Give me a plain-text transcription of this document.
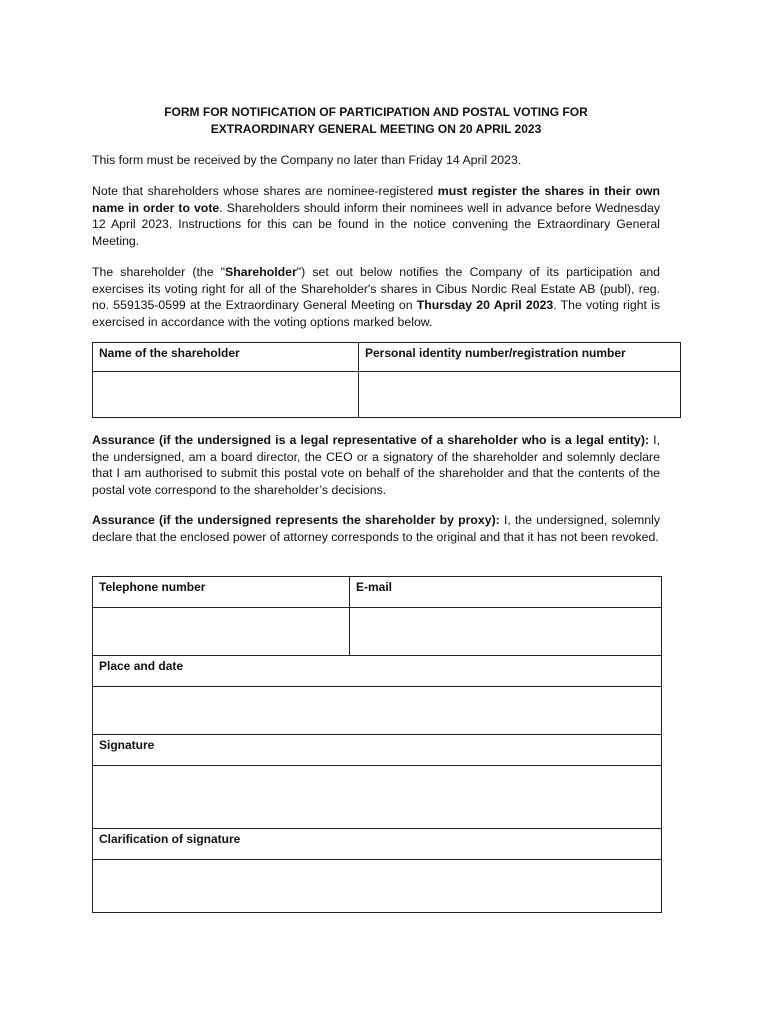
FORM FOR NOTIFICATION OF PARTICIPATION AND POSTAL VOTING FOR
EXTRAORDINARY GENERAL MEETING ON 20 APRIL 2023

This form must be received by the Company no later than Friday 14 April 2023.

Note that shareholders whose shares are nominee-registered must register the shares in their own name in order to vote. Shareholders should inform their nominees well in advance before Wednesday 12 April 2023. Instructions for this can be found in the notice convening the Extraordinary General Meeting.

The shareholder (the "Shareholder") set out below notifies the Company of its participation and exercises its voting right for all of the Shareholder's shares in Cibus Nordic Real Estate AB (publ), reg. no. 559135-0599 at the Extraordinary General Meeting on Thursday 20 April 2023. The voting right is exercised in accordance with the voting options marked below.

Name of the shareholder	Personal identity number/registration number

Assurance (if the undersigned is a legal representative of a shareholder who is a legal entity): I, the undersigned, am a board director, the CEO or a signatory of the shareholder and solemnly declare that I am authorised to submit this postal vote on behalf of the shareholder and that the contents of the postal vote correspond to the shareholder’s decisions.

Assurance (if the undersigned represents the shareholder by proxy): I, the undersigned, solemnly declare that the enclosed power of attorney corresponds to the original and that it has not been revoked.

Telephone number	E-mail

Place and date	

Signature	

Clarification of signature	
